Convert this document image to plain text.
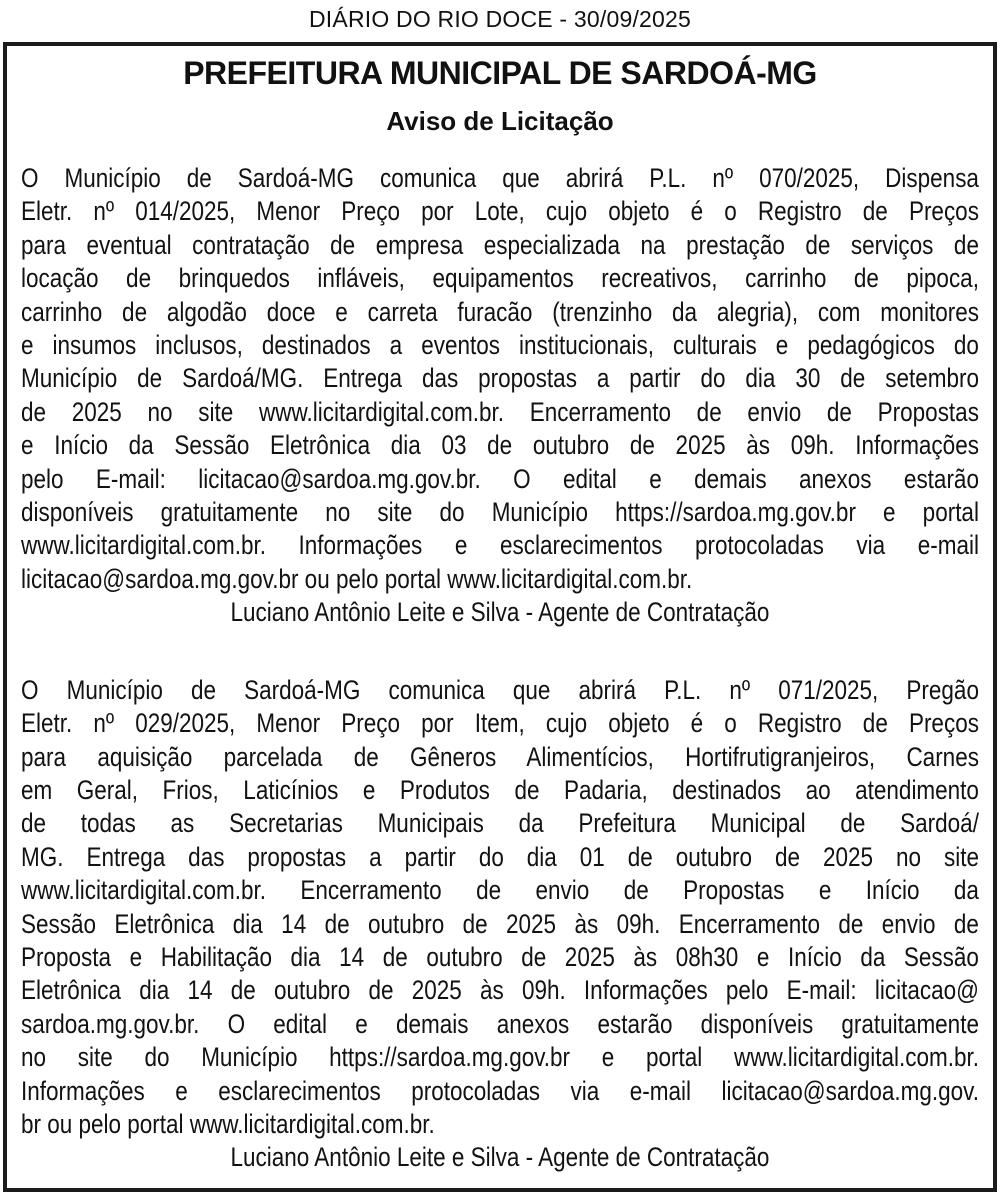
DIÁRIO DO RIO DOCE - 30/09/2025
PREFEITURA MUNICIPAL DE SARDOÁ-MG
Aviso de Licitação
O Município de Sardoá-MG comunica que abrirá P.L. nº 070/2025, Dispensa
Eletr. nº 014/2025, Menor Preço por Lote, cujo objeto é o Registro de Preços
para eventual contratação de empresa especializada na prestação de serviços de
locação de brinquedos infláveis, equipamentos recreativos, carrinho de pipoca,
carrinho de algodão doce e carreta furacão (trenzinho da alegria), com monitores
e insumos inclusos, destinados a eventos institucionais, culturais e pedagógicos do
Município de Sardoá/MG. Entrega das propostas a partir do dia 30 de setembro
de 2025 no site www.licitardigital.com.br. Encerramento de envio de Propostas
e Início da Sessão Eletrônica dia 03 de outubro de 2025 às 09h. Informações
pelo E-mail: licitacao@sardoa.mg.gov.br. O edital e demais anexos estarão
disponíveis gratuitamente no site do Município https://sardoa.mg.gov.br e portal
www.licitardigital.com.br. Informações e esclarecimentos protocoladas via e-mail
licitacao@sardoa.mg.gov.br ou pelo portal www.licitardigital.com.br.
Luciano Antônio Leite e Silva - Agente de Contratação
O Município de Sardoá-MG comunica que abrirá P.L. nº 071/2025, Pregão
Eletr. nº 029/2025, Menor Preço por Item, cujo objeto é o Registro de Preços
para aquisição parcelada de Gêneros Alimentícios, Hortifrutigranjeiros, Carnes
em Geral, Frios, Laticínios e Produtos de Padaria, destinados ao atendimento
de todas as Secretarias Municipais da Prefeitura Municipal de Sardoá/
MG. Entrega das propostas a partir do dia 01 de outubro de 2025 no site
www.licitardigital.com.br. Encerramento de envio de Propostas e Início da
Sessão Eletrônica dia 14 de outubro de 2025 às 09h. Encerramento de envio de
Proposta e Habilitação dia 14 de outubro de 2025 às 08h30 e Início da Sessão
Eletrônica dia 14 de outubro de 2025 às 09h. Informações pelo E-mail: licitacao@
sardoa.mg.gov.br. O edital e demais anexos estarão disponíveis gratuitamente
no site do Município https://sardoa.mg.gov.br e portal www.licitardigital.com.br.
Informações e esclarecimentos protocoladas via e-mail licitacao@sardoa.mg.gov.
br ou pelo portal www.licitardigital.com.br.
Luciano Antônio Leite e Silva - Agente de Contratação
